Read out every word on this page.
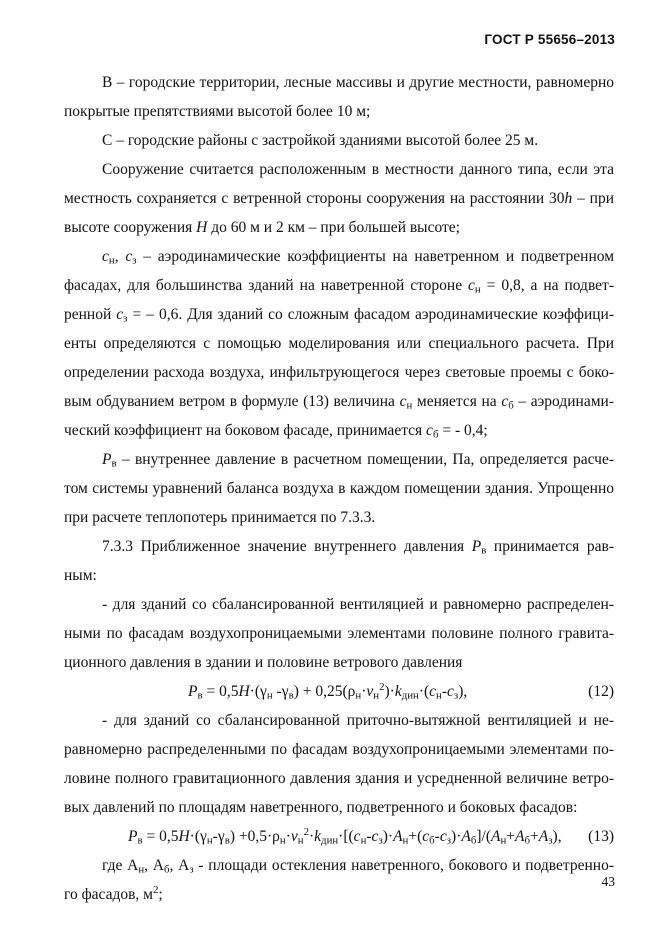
ГОСТ Р 55656–2013
В – городские территории, лесные массивы и другие местности, равномерно
покрытые препятствиями высотой более 10 м;
С – городские районы с застройкой зданиями высотой более 25 м.
Сооружение считается расположенным в местности данного типа, если эта
местность сохраняется с ветренной стороны сооружения на расстоянии 30h – при
высоте сооружения H до 60 м и 2 км – при большей высоте;
$с_н$, $с_з$ – аэродинамические коэффициенты на наветренном и подветренном
фасадах, для большинства зданий на наветренной стороне $с_н = 0,8$, а на подвет-
ренной $с_з$ = – 0,6. Для зданий со сложным фасадом аэродинамические коэффици-
енты определяются с помощью моделирования или специального расчета. При
определении расхода воздуха, инфильтрующегося через световые проемы с боко-
вым обдуванием ветром в формуле (13) величина $с_н$ меняется на $с_б$ – аэродинами-
ческий коэффициент на боковом фасаде, принимается $с_б$ = - 0,4;
$Р_в$ – внутреннее давление в расчетном помещении, Па, определяется расче-
том системы уравнений баланса воздуха в каждом помещении здания. Упрощенно
при расчете теплопотерь принимается по 7.3.3.
7.3.3 Приближенное значение внутреннего давления $Р_в$ принимается рав-
ным:
- для зданий со сбалансированной вентиляцией и равномерно распределен-
ными по фасадам воздухопроницаемыми элементами половине полного гравита-
ционного давления в здании и половине ветрового давления
$P_в = 0,5H\cdot(\gamma_н$ $-\gamma_в) + 0,25(\rho_н\cdot v_н^2)\cdot k_{дин}\cdot(c_н-c_з)$,	(12)
- для зданий со сбалансированной приточно-вытяжной вентиляцией и не-
равномерно распределенными по фасадам воздухопроницаемыми элементами по-
ловине полного гравитационного давления здания и усредненной величине ветро-
вых давлений по площадям наветренного, подветренного и боковых фасадов:
$P_в = 0,5H\cdot(\gamma_н-\gamma_в) +0,5\cdot\rho_н\cdot v_н^2\cdot k_{дин}\cdot[(c_н-c_з)\cdot A_н+(c_б-c_з)\cdot A_б]/(A_н+A_б+A_з)$, (13)
где $А_н$, $А_б$, $А_з$ - площади остекления наветренного, бокового и подветренно-
го фасадов, $м^2$;
43
